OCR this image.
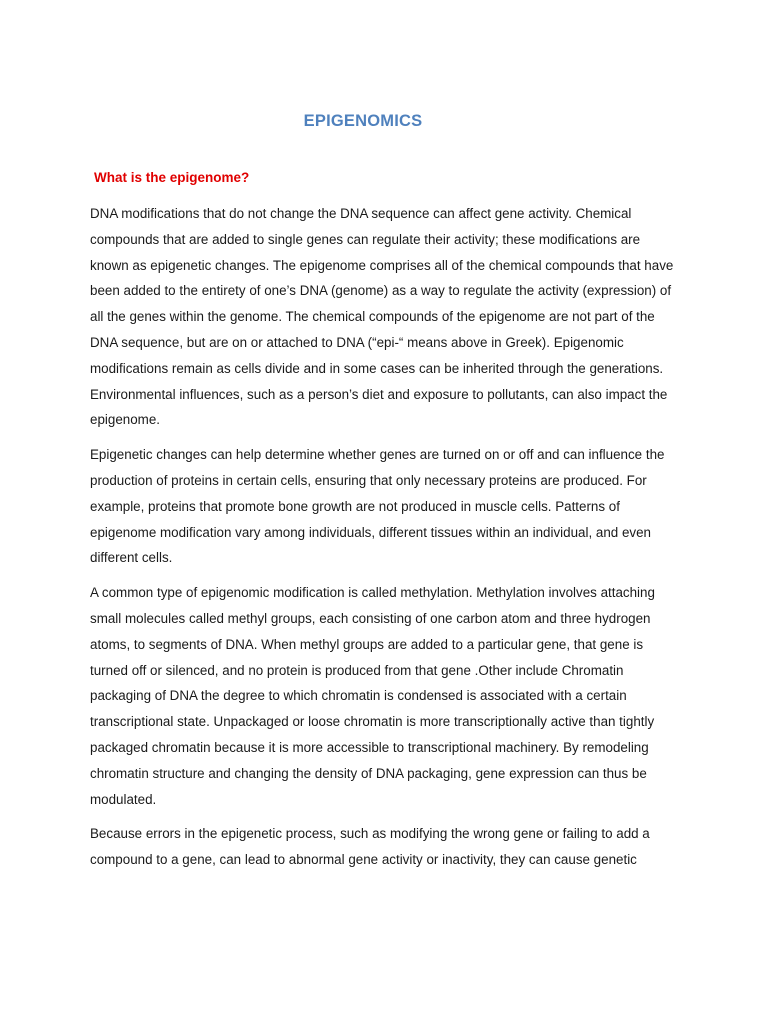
EPIGENOMICS
What is the epigenome?

DNA modifications that do not change the DNA sequence can affect gene activity. Chemical compounds that are added to single genes can regulate their activity; these modifications are known as epigenetic changes. The epigenome comprises all of the chemical compounds that have been added to the entirety of one’s DNA (genome) as a way to regulate the activity (expression) of all the genes within the genome. The chemical compounds of the epigenome are not part of the DNA sequence, but are on or attached to DNA (“epi-“ means above in Greek). Epigenomic modifications remain as cells divide and in some cases can be inherited through the generations. Environmental influences, such as a person’s diet and exposure to pollutants, can also impact the epigenome.

Epigenetic changes can help determine whether genes are turned on or off and can influence the production of proteins in certain cells, ensuring that only necessary proteins are produced. For example, proteins that promote bone growth are not produced in muscle cells. Patterns of epigenome modification vary among individuals, different tissues within an individual, and even different cells.

A common type of epigenomic modification is called methylation. Methylation involves attaching small molecules called methyl groups, each consisting of one carbon atom and three hydrogen atoms, to segments of DNA. When methyl groups are added to a particular gene, that gene is turned off or silenced, and no protein is produced from that gene .Other include Chromatin packaging of DNA the degree to which chromatin is condensed is associated with a certain transcriptional state. Unpackaged or loose chromatin is more transcriptionally active than tightly packaged chromatin because it is more accessible to transcriptional machinery. By remodeling chromatin structure and changing the density of DNA packaging, gene expression can thus be modulated.

Because errors in the epigenetic process, such as modifying the wrong gene or failing to add a compound to a gene, can lead to abnormal gene activity or inactivity, they can cause genetic
